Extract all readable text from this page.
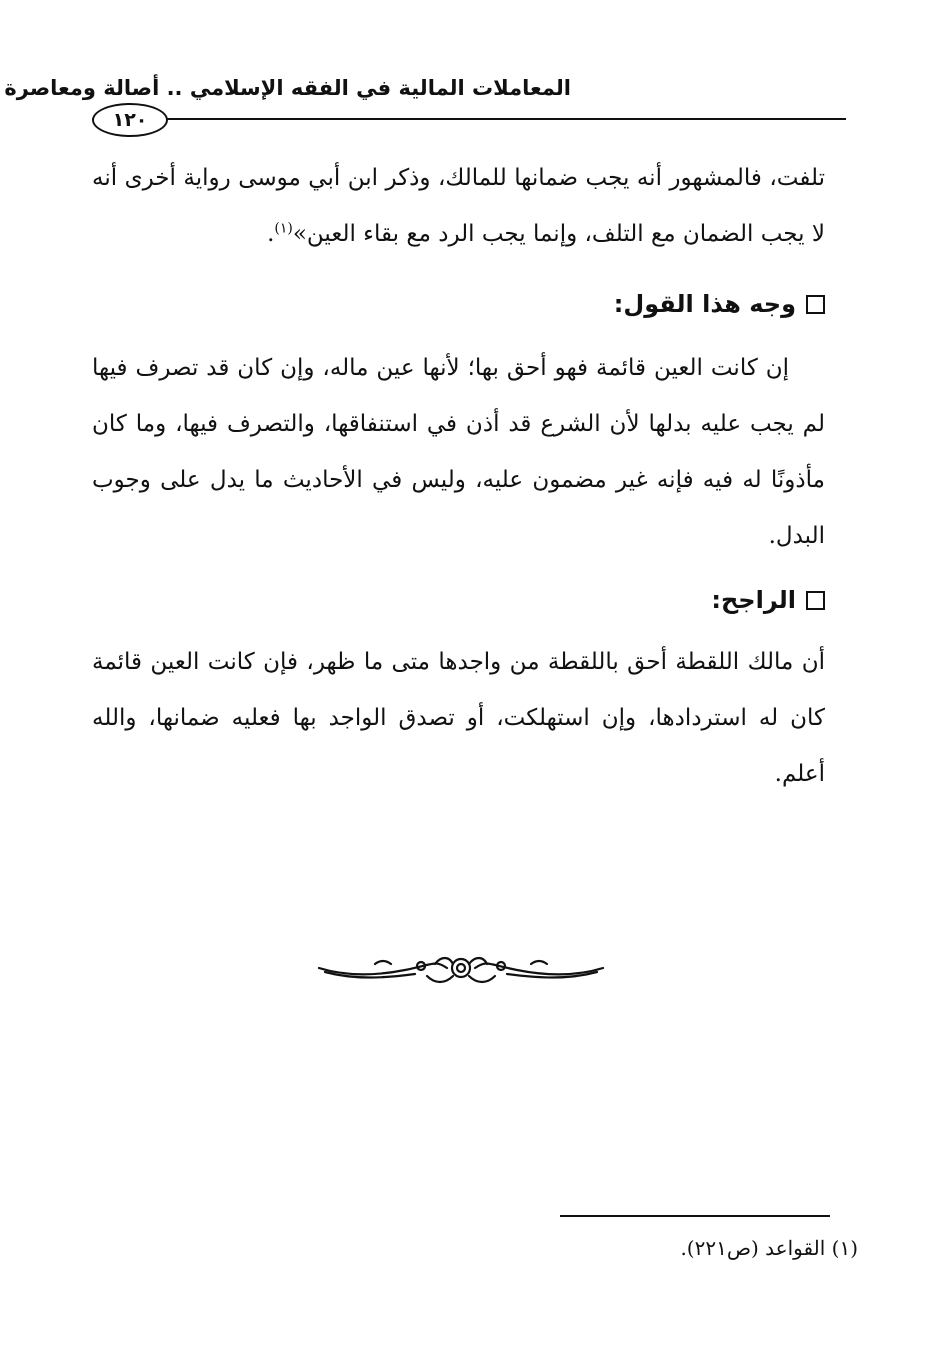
المعاملات المالية في الفقه الإسلامي .. أصالة ومعاصرة
١٢٠
تلفت، فالمشهور أنه يجب ضمانها للمالك، وذكر ابن أبي موسى رواية أخرى أنه لا يجب الضمان مع التلف، وإنما يجب الرد مع بقاء العين»$^{(١)}$.
وجه هذا القول:
إن كانت العين قائمة فهو أحق بها؛ لأنها عين ماله، وإن كان قد تصرف فيها لم يجب عليه بدلها لأن الشرع قد أذن في استنفاقها، والتصرف فيها، وما كان مأذونًا له فيه فإنه غير مضمون عليه، وليس في الأحاديث ما يدل على وجوب البدل.
الراجح:
أن مالك اللقطة أحق باللقطة من واجدها متى ما ظهر، فإن كانت العين قائمة كان له استردادها، وإن استهلكت، أو تصدق الواجد بها فعليه ضمانها، والله أعلم.
(١) القواعد (ص٢٢١).
